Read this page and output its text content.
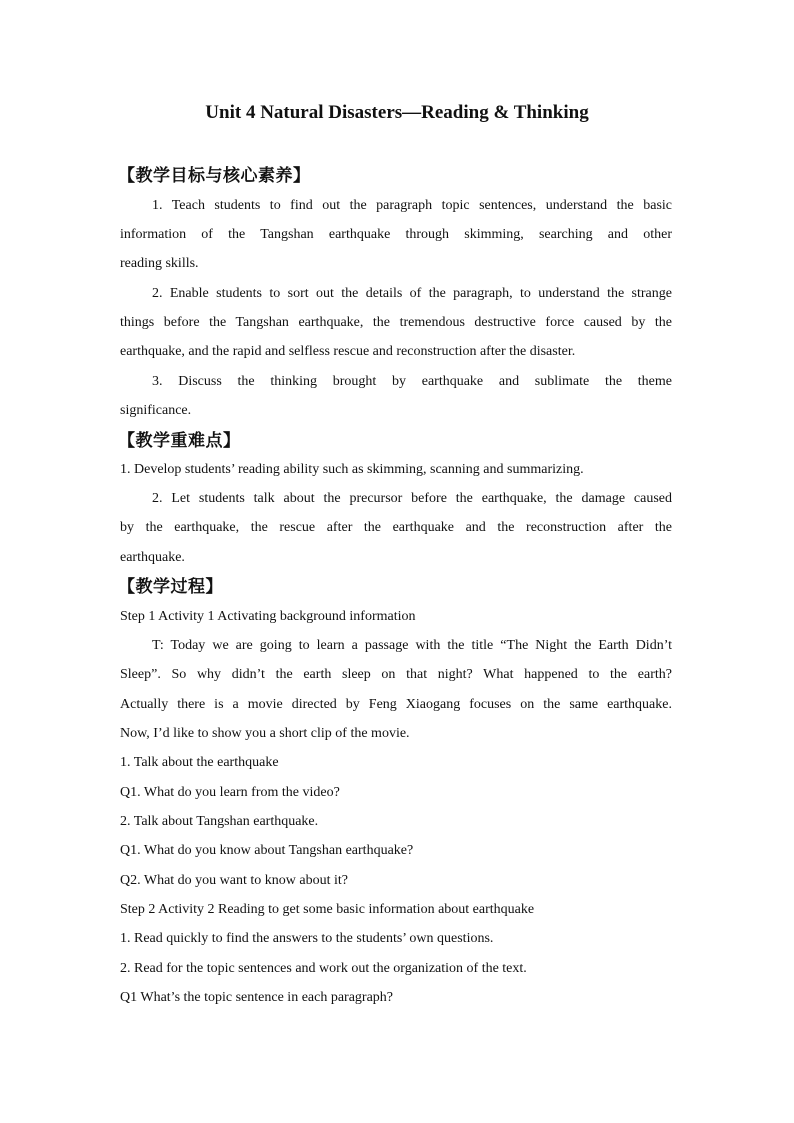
Unit 4 Natural Disasters—Reading & Thinking
【教学目标与核心素养】
1. Teach students to find out the paragraph topic sentences, understand the basic
information of the Tangshan earthquake through skimming, searching and other
reading skills.
2. Enable students to sort out the details of the paragraph, to understand the strange
things before the Tangshan earthquake, the tremendous destructive force caused by the
earthquake, and the rapid and selfless rescue and reconstruction after the disaster.
3. Discuss the thinking brought by earthquake and sublimate the theme
significance.
【教学重难点】
1. Develop students’ reading ability such as skimming, scanning and summarizing.
2. Let students talk about the precursor before the earthquake, the damage caused
by the earthquake, the rescue after the earthquake and the reconstruction after the
earthquake.
【教学过程】
Step 1 Activity 1 Activating background information
T: Today we are going to learn a passage with the title “The Night the Earth Didn’t
Sleep”. So why didn’t the earth sleep on that night? What happened to the earth?
Actually there is a movie directed by Feng Xiaogang focuses on the same earthquake.
Now, I’d like to show you a short clip of the movie.
1. Talk about the earthquake
Q1. What do you learn from the video?
2. Talk about Tangshan earthquake.
Q1. What do you know about Tangshan earthquake?
Q2. What do you want to know about it?
Step 2 Activity 2 Reading to get some basic information about earthquake
1. Read quickly to find the answers to the students’ own questions.
2. Read for the topic sentences and work out the organization of the text.
Q1 What’s the topic sentence in each paragraph?
